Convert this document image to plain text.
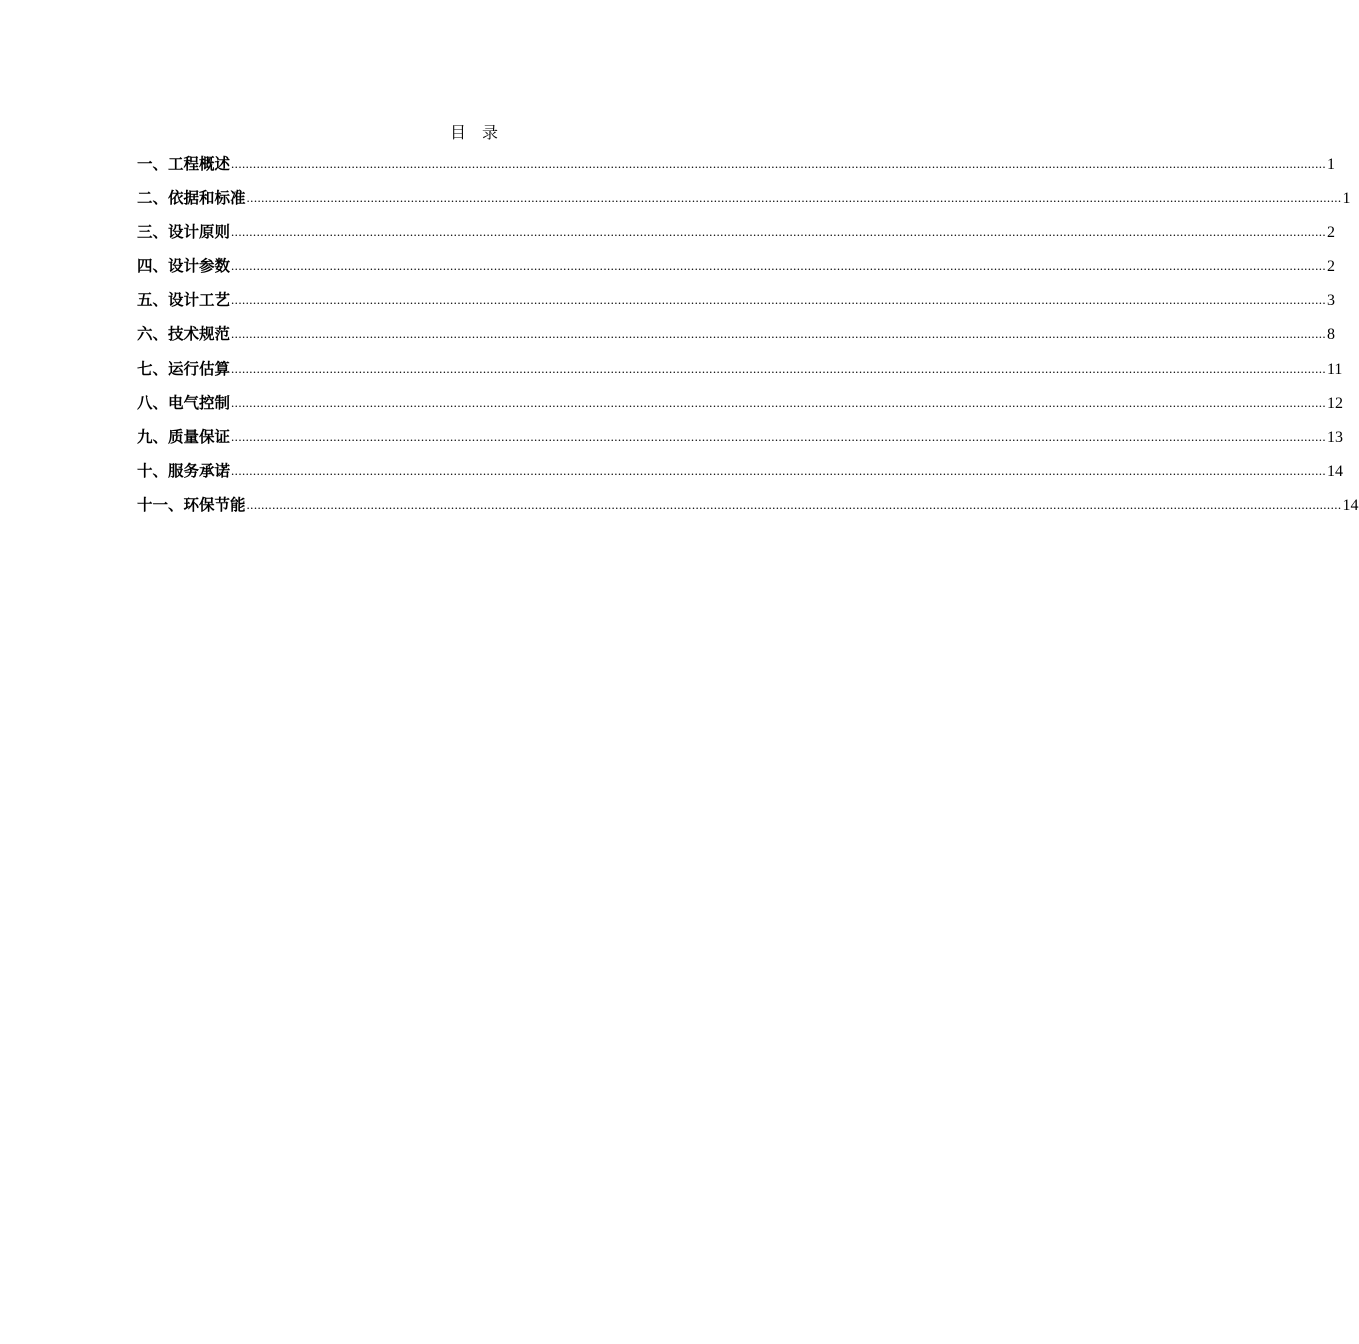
目 录
一、工程概述 ............................................................................................................................................................................................................................................................................................................ 1
二、依据和标准 ............................................................................................................................................................................................................................................................................................................ 1
三、设计原则 ............................................................................................................................................................................................................................................................................................................ 2
四、设计参数 ............................................................................................................................................................................................................................................................................................................ 2
五、设计工艺 ............................................................................................................................................................................................................................................................................................................ 3
六、技术规范 ............................................................................................................................................................................................................................................................................................................ 8
七、运行估算 ............................................................................................................................................................................................................................................................................................................ 11
八、电气控制 ............................................................................................................................................................................................................................................................................................................ 12
九、质量保证 ............................................................................................................................................................................................................................................................................................................ 13
十、服务承诺 ............................................................................................................................................................................................................................................................................................................ 14
十一、环保节能 ............................................................................................................................................................................................................................................................................................................ 14
